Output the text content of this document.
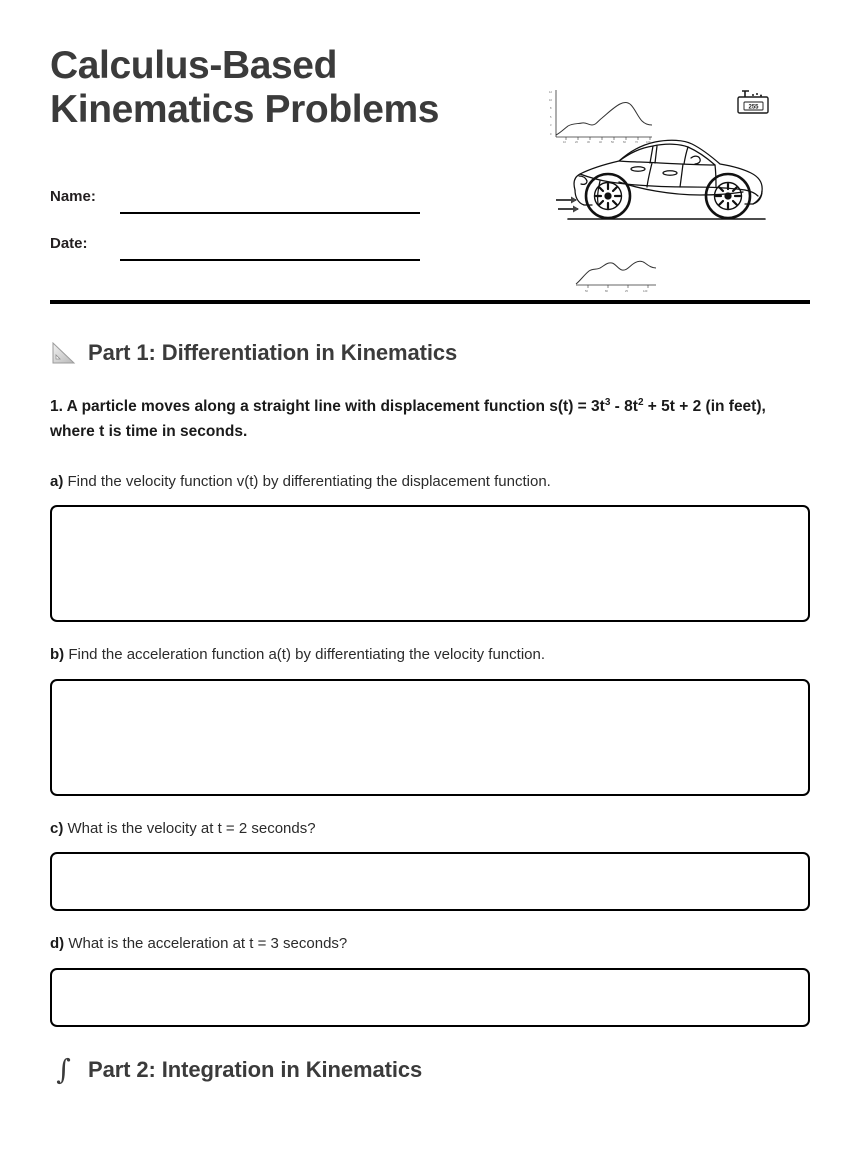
Calculus-Based
Kinematics Problems
Name:
Date:
12
10
8
5
3
0
10	20	30	40	50	60	70	100
255
50	80	25	120
Part 1: Differentiation in Kinematics
1. A particle moves along a straight line with displacement function $s(t) = 3t^3 - 8t^2 + 5t + 2$ (in feet), where t is time in seconds.
a) Find the velocity function v(t) by differentiating the displacement function.
b) Find the acceleration function a(t) by differentiating the velocity function.
c) What is the velocity at t = 2 seconds?
d) What is the acceleration at t = 3 seconds?
∫ Part 2: Integration in Kinematics
